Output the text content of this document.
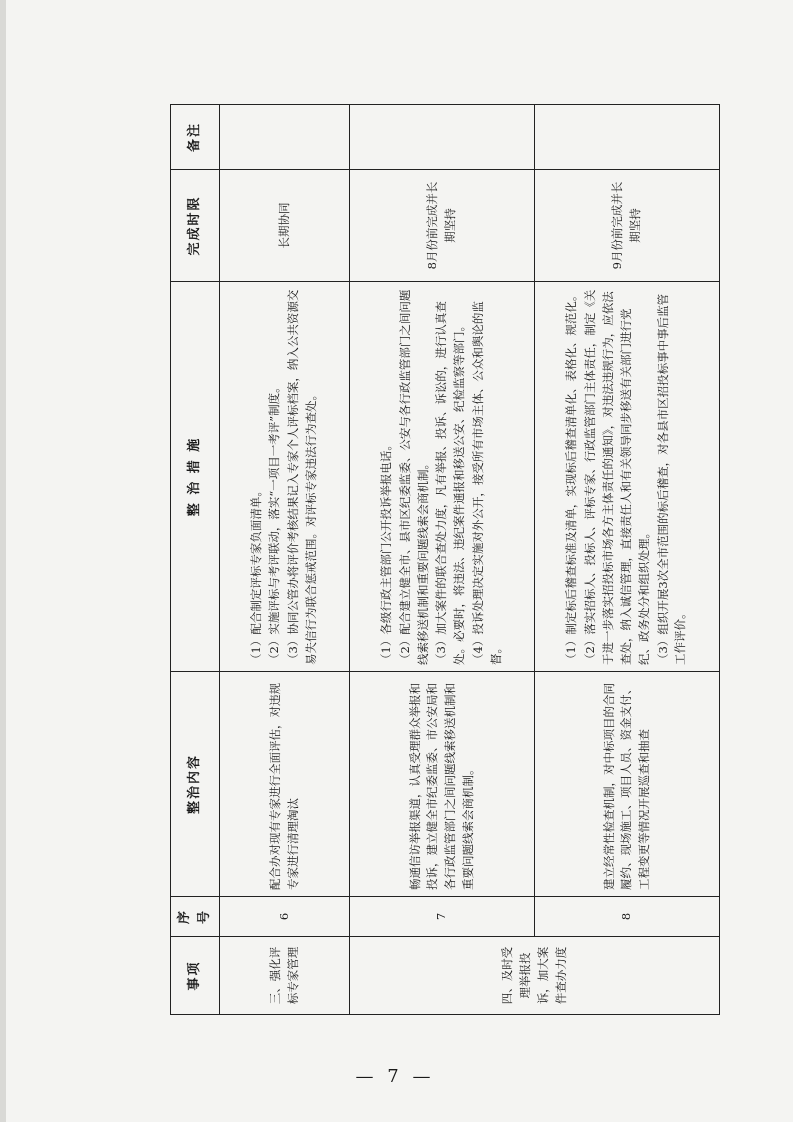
事项	序号	整治内容	整 治 措 施	完成时限	备注
三、强化评标专家管理	6	配合办对现有专家进行全面评估，对违规专家进行清理淘汰	（1）配合制定评标专家负面清单。 （2）实施评标与考评联动，落实“一项目一考评”制度。 （3）协同公管办将评价考核结果记入专家个人评标档案，纳入公共资源交易失信行为联合惩戒范围。对评标专家违法行为查处。	长期协同	
四、及时受理举报投诉，加大案件查办力度	7	畅通信访举报渠道，认真受理群众举报和投诉，建立健全市纪委监委、市公安局和各行政监管部门之间问题线索移送机制和重要问题线索会商机制。	（1）各级行政主管部门公开投诉举报电话。 （2）配合建立健全市、县市区纪委监委、公安与各行政监管部门之间问题线索移送机制和重要问题线索会商机制。 （3）加大案件的联合查处力度，凡有举报、投诉、诉讼的，进行认真查处。必要时，将违法、违纪案件通报和移送公安、纪检监察等部门。 （4）投诉处理决定实施对外公开，接受所有市场主体、公众和舆论的监督。	8月份前完成并长期坚持	
	8	建立经常性检查机制，对中标项目的合同履约、现场施工、项目人员、资金支付、工程变更等情况开展巡查和抽查	（1）制定标后稽查标准及清单，实现标后稽查清单化、表格化、规范化。 （2）落实招标人、投标人、评标专家、行政监管部门主体责任，制定《关于进一步落实招投标市场各方主体责任的通知》，对违法违规行为，应依法查处，纳入诚信管理，直接责任人和有关领导同步移送有关部门进行党纪、政务处分和组织处理。 （3）组织开展3次全市范围的标后稽查，对各县市区招投标事中事后监管工作评价。	9月份前完成并长期坚持	
— 7 —
